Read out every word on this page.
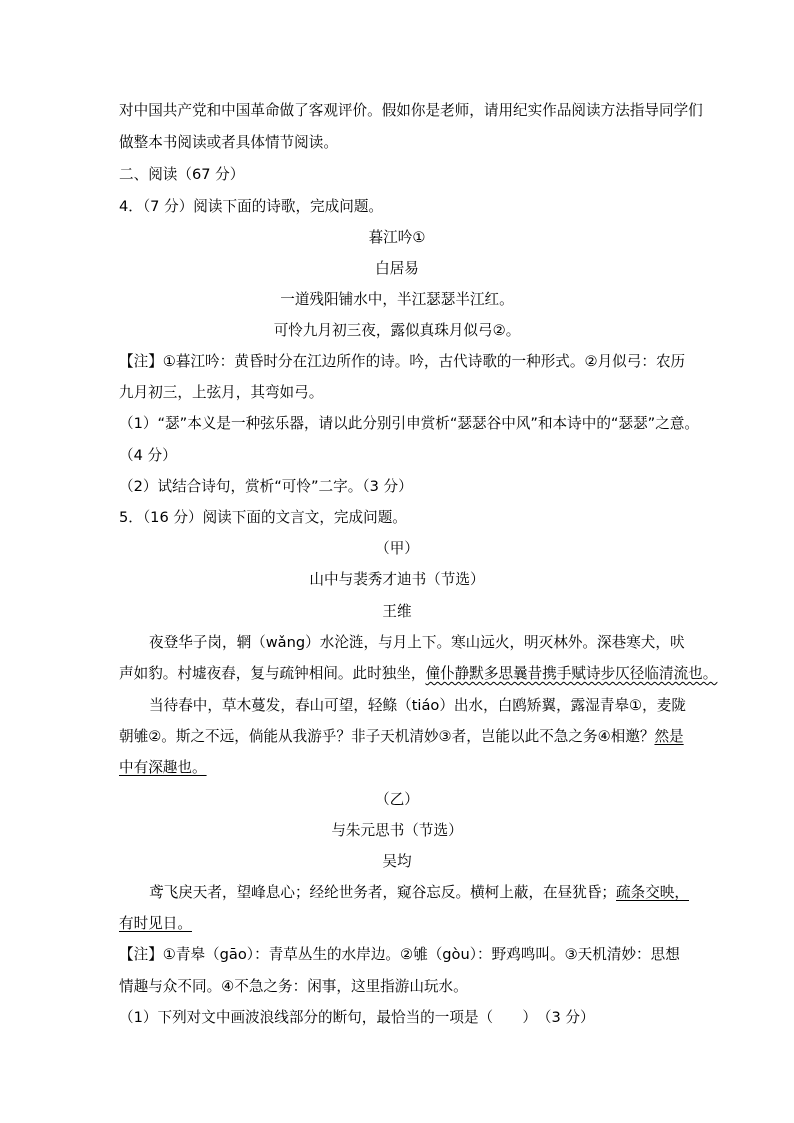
对中国共产党和中国革命做了客观评价。假如你是老师，请用纪实作品阅读方法指导同学们
做整本书阅读或者具体情节阅读。
二、阅读（67 分）
4．（7 分）阅读下面的诗歌，完成问题。
暮江吟①
白居易
一道残阳铺水中，半江瑟瑟半江红。
可怜九月初三夜，露似真珠月似弓②。
【注】①暮江吟：黄昏时分在江边所作的诗。吟，古代诗歌的一种形式。②月似弓：农历
九月初三，上弦月，其弯如弓。
（1）“瑟”本义是一种弦乐器，请以此分别引申赏析“瑟瑟谷中风”和本诗中的“瑟瑟”之意。
（4 分）
（2）试结合诗句，赏析“可怜”二字。（3 分）
5．（16 分）阅读下面的文言文，完成问题。
（甲）
山中与裴秀才迪书（节选）
王维
夜登华子岗，辋（wǎng）水沦涟，与月上下。寒山远火，明灭林外。深巷寒犬，吠
声如豹。村墟夜舂，复与疏钟相间。此时独坐，僮仆静默多思曩昔携手赋诗步仄径临清流也。
当待春中，草木蔓发，春山可望，轻鲦（tiáo）出水，白鸥矫翼，露湿青皋①，麦陇
朝雊②。斯之不远，倘能从我游乎？非子天机清妙③者，岂能以此不急之务④相邀？然是
中有深趣也。
（乙）
与朱元思书（节选）
吴均
鸢飞戾天者，望峰息心；经纶世务者，窥谷忘反。横柯上蔽，在昼犹昏；疏条交映，
有时见日。
【注】①青皋（gāo）：青草丛生的水岸边。②雊（gòu）：野鸡鸣叫。③天机清妙：思想
情趣与众不同。④不急之务：闲事，这里指游山玩水。
（1）下列对文中画波浪线部分的断句，最恰当的一项是（　　）　（3 分）
